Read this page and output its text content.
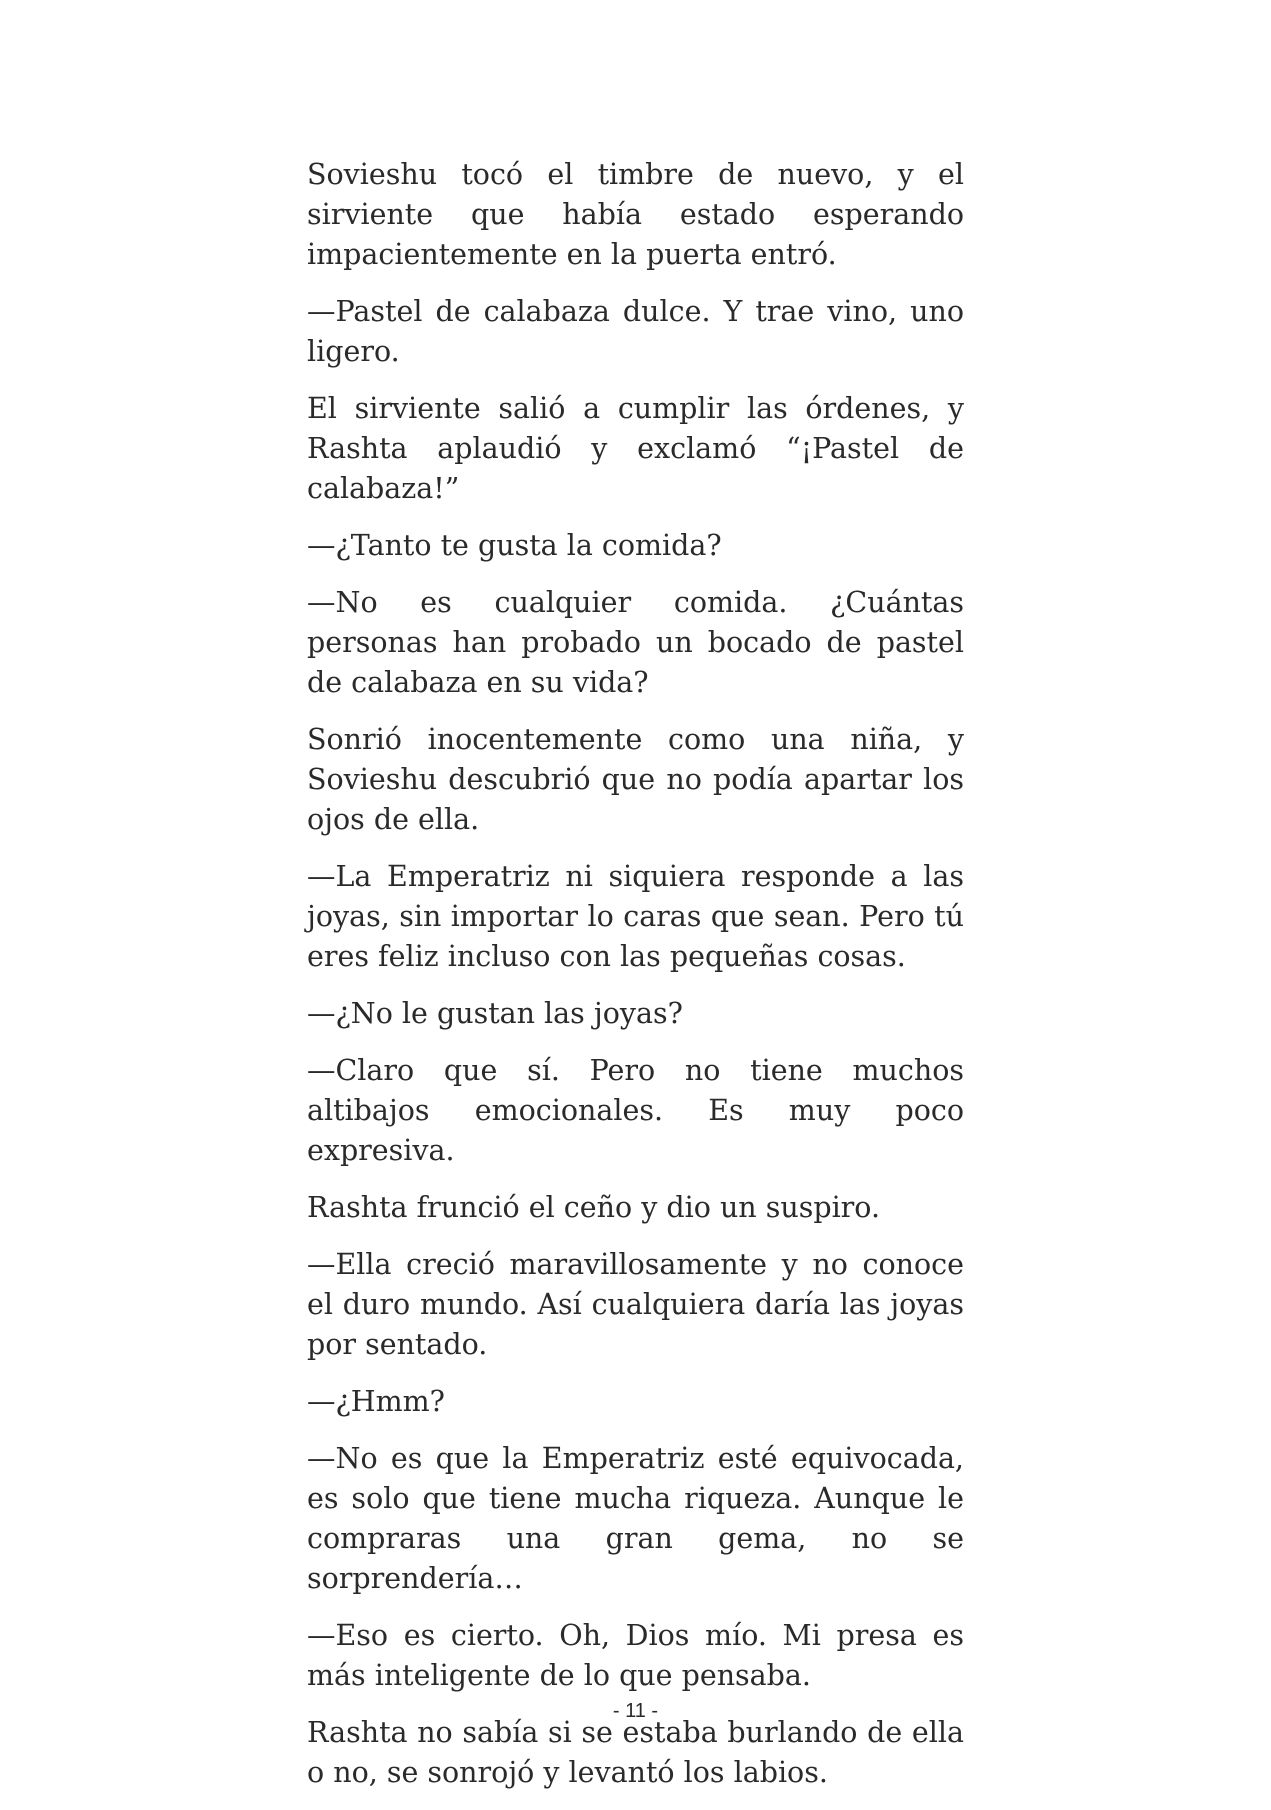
Sovieshu tocó el timbre de nuevo, y el sirviente que había estado esperando impacientemente en la puerta entró.

—Pastel de calabaza dulce. Y trae vino, uno ligero.

El sirviente salió a cumplir las órdenes, y Rashta aplaudió y exclamó “¡Pastel de calabaza!”

—¿Tanto te gusta la comida?

—No es cualquier comida. ¿Cuántas personas han probado un bocado de pastel de calabaza en su vida?

Sonrió inocentemente como una niña, y Sovieshu descubrió que no podía apartar los ojos de ella.

—La Emperatriz ni siquiera responde a las joyas, sin importar lo caras que sean. Pero tú eres feliz incluso con las pequeñas cosas.

—¿No le gustan las joyas?

—Claro que sí. Pero no tiene muchos altibajos emocionales. Es muy poco expresiva.

Rashta frunció el ceño y dio un suspiro.

—Ella creció maravillosamente y no conoce el duro mundo. Así cualquiera daría las joyas por sentado.

—¿Hmm?

—No es que la Emperatriz esté equivocada, es solo que tiene mucha riqueza. Aunque le compraras una gran gema, no se sorprendería…

—Eso es cierto. Oh, Dios mío. Mi presa es más inteligente de lo que pensaba.

Rashta no sabía si se estaba burlando de ella o no, se sonrojó y levantó los labios.

- 11 -
